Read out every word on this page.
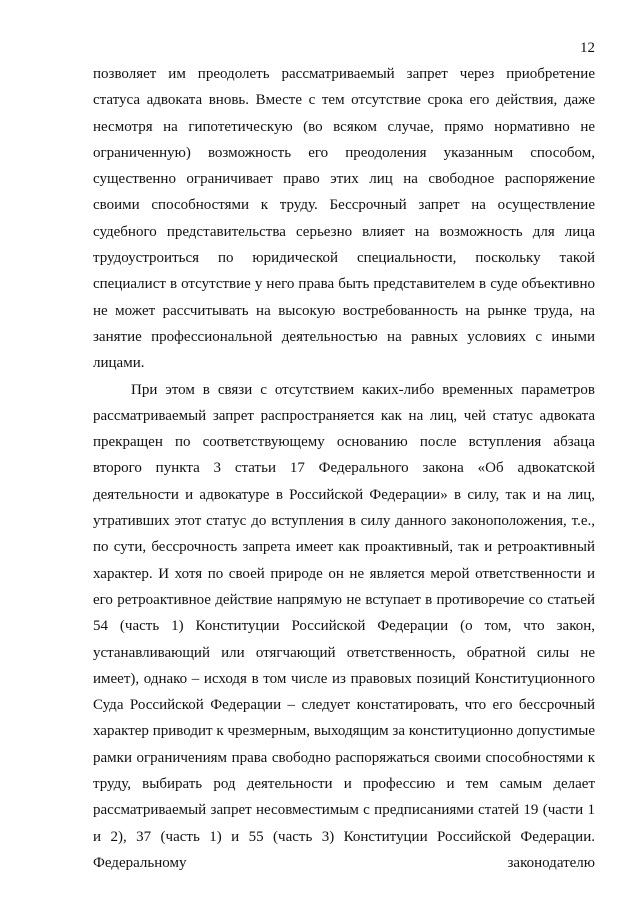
12

позволяет им преодолеть рассматриваемый запрет через приобретение статуса адвоката вновь. Вместе с тем отсутствие срока его действия, даже несмотря на гипотетическую (во всяком случае, прямо нормативно не ограниченную) возможность его преодоления указанным способом, существенно ограничивает право этих лиц на свободное распоряжение своими способностями к труду. Бессрочный запрет на осуществление судебного представительства серьезно влияет на возможность для лица трудоустроиться по юридической специальности, поскольку такой специалист в отсутствие у него права быть представителем в суде объективно не может рассчитывать на высокую востребованность на рынке труда, на занятие профессиональной деятельностью на равных условиях с иными лицами.

При этом в связи с отсутствием каких-либо временных параметров рассматриваемый запрет распространяется как на лиц, чей статус адвоката прекращен по соответствующему основанию после вступления абзаца второго пункта 3 статьи 17 Федерального закона «Об адвокатской деятельности и адвокатуре в Российской Федерации» в силу, так и на лиц, утративших этот статус до вступления в силу данного законоположения, т.е., по сути, бессрочность запрета имеет как проактивный, так и ретроактивный характер. И хотя по своей природе он не является мерой ответственности и его ретроактивное действие напрямую не вступает в противоречие со статьей 54 (часть 1) Конституции Российской Федерации (о том, что закон, устанавливающий или отягчающий ответственность, обратной силы не имеет), однако – исходя в том числе из правовых позиций Конституционного Суда Российской Федерации – следует констатировать, что его бессрочный характер приводит к чрезмерным, выходящим за конституционно допустимые рамки ограничениям права свободно распоряжаться своими способностями к труду, выбирать род деятельности и профессию и тем самым делает рассматриваемый запрет несовместимым с предписаниями статей 19 (части 1 и 2), 37 (часть 1) и 55 (часть 3) Конституции Российской Федерации. Федеральному законодателю
